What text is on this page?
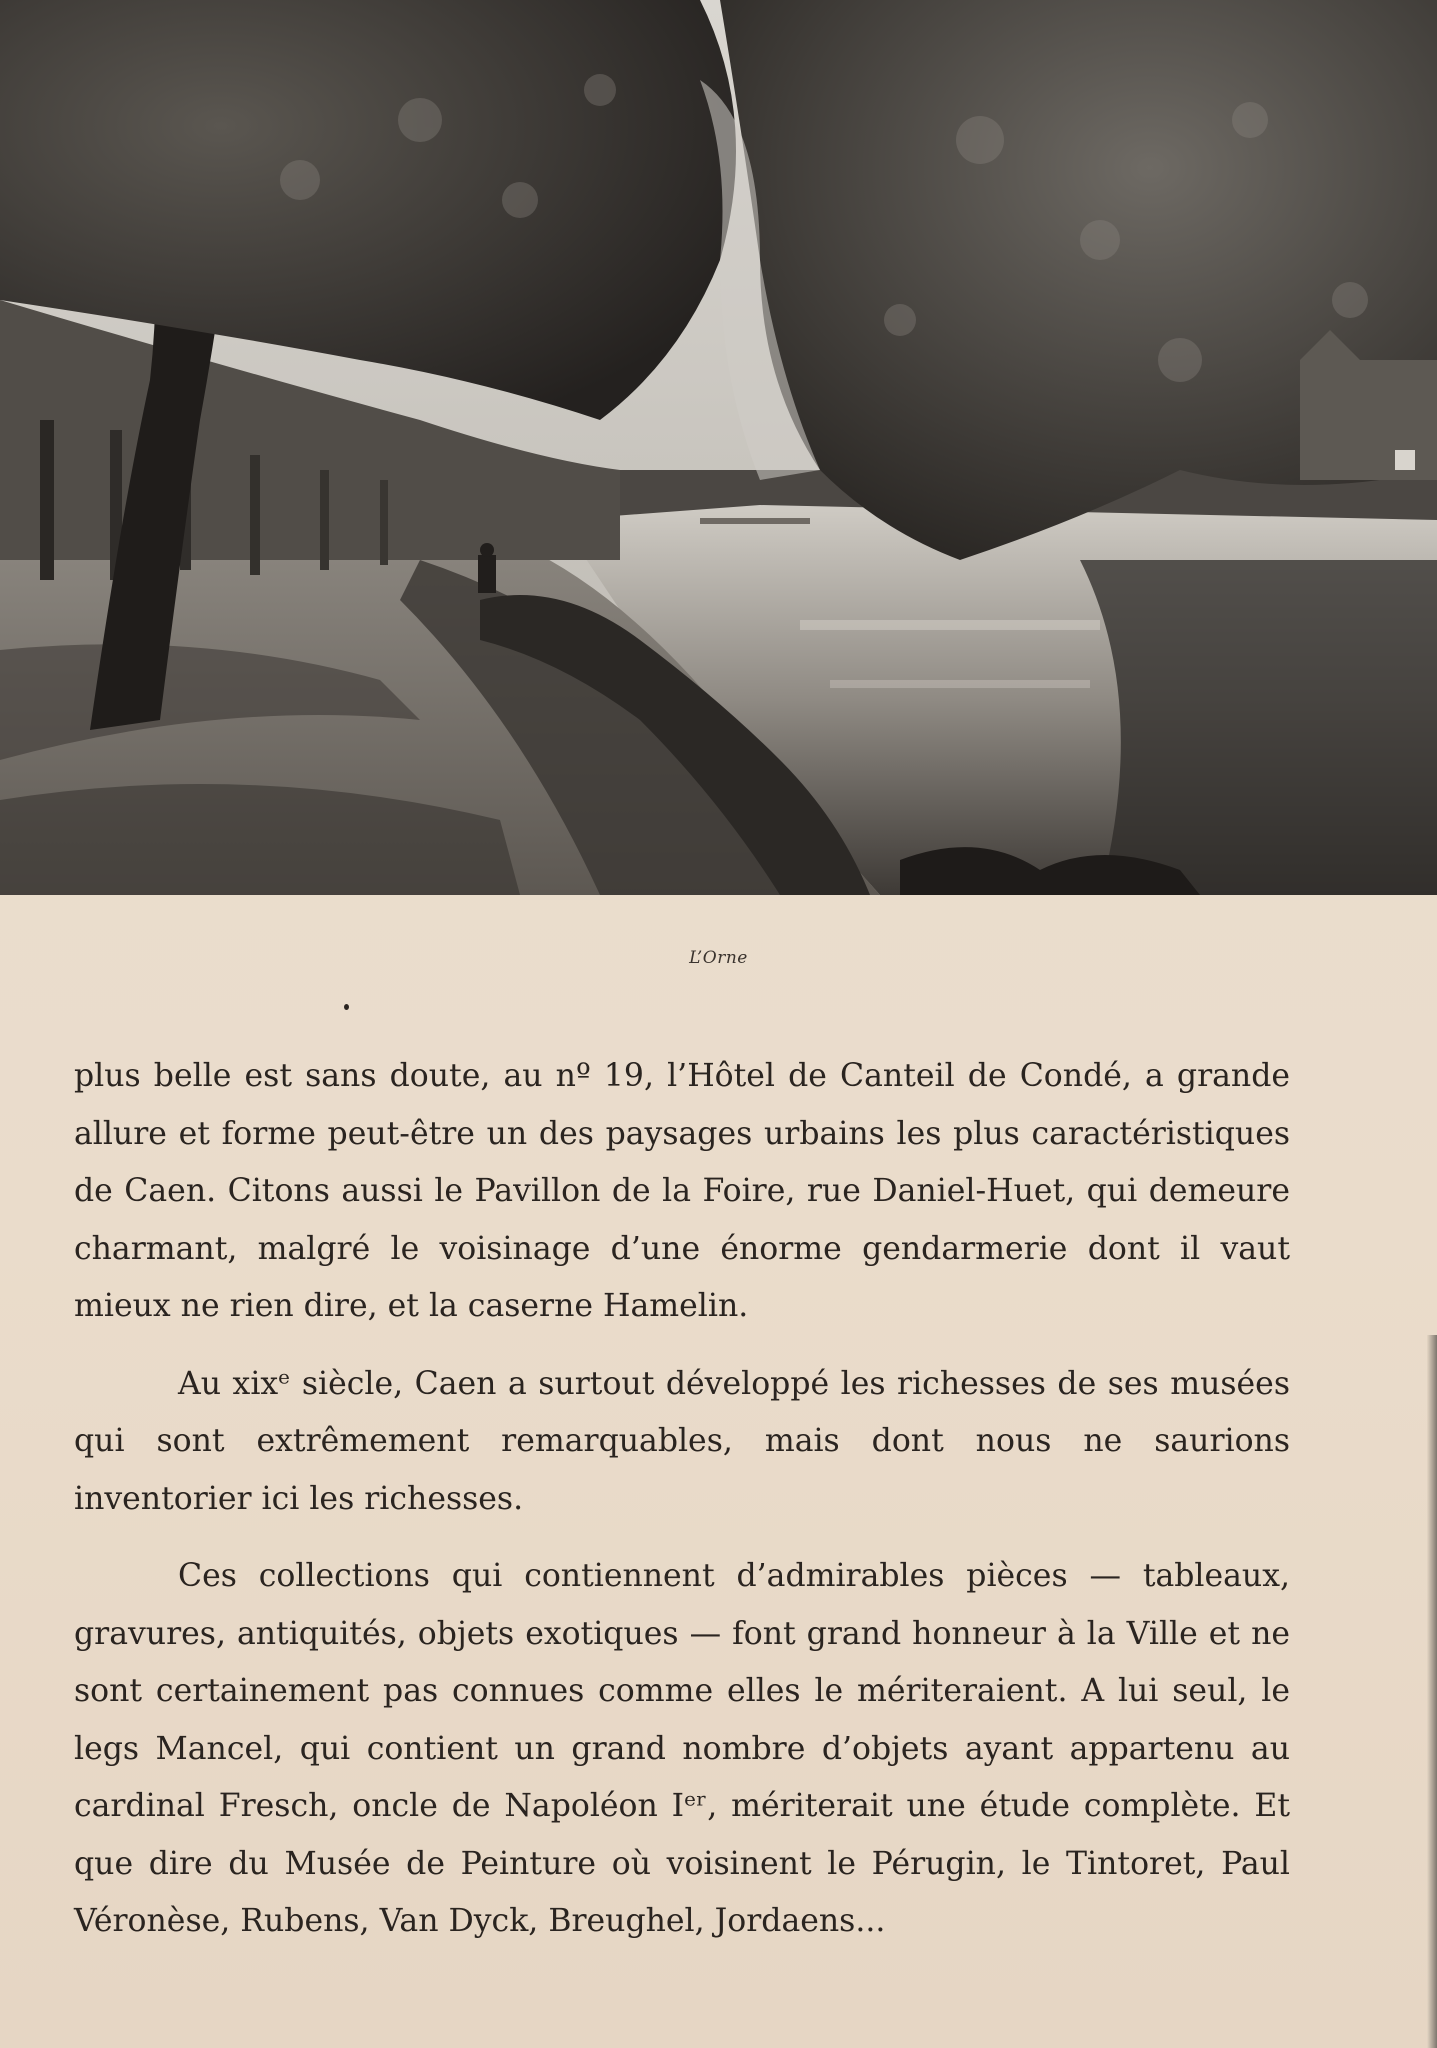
L’Orne

plus belle est sans doute, au nº 19, l’Hôtel de Canteil de Condé, a grande allure et forme peut-être un des paysages urbains les plus caractéristiques de Caen. Citons aussi le Pavillon de la Foire, rue Daniel-Huet, qui demeure charmant, malgré le voisinage d’une énorme gendarmerie dont il vaut mieux ne rien dire, et la caserne Hamelin.

Au xixᵉ siècle, Caen a surtout développé les richesses de ses musées qui sont extrêmement remarquables, mais dont nous ne saurions inventorier ici les richesses.

Ces collections qui contiennent d’admirables pièces — tableaux, gravures, antiquités, objets exotiques — font grand honneur à la Ville et ne sont certainement pas connues comme elles le mériteraient. A lui seul, le legs Mancel, qui contient un grand nombre d’objets ayant appartenu au cardinal Fresch, oncle de Napoléon Iᵉʳ, mériterait une étude complète. Et que dire du Musée de Peinture où voisinent le Pérugin, le Tintoret, Paul Véronèse, Rubens, Van Dyck, Breughel, Jordaens...
